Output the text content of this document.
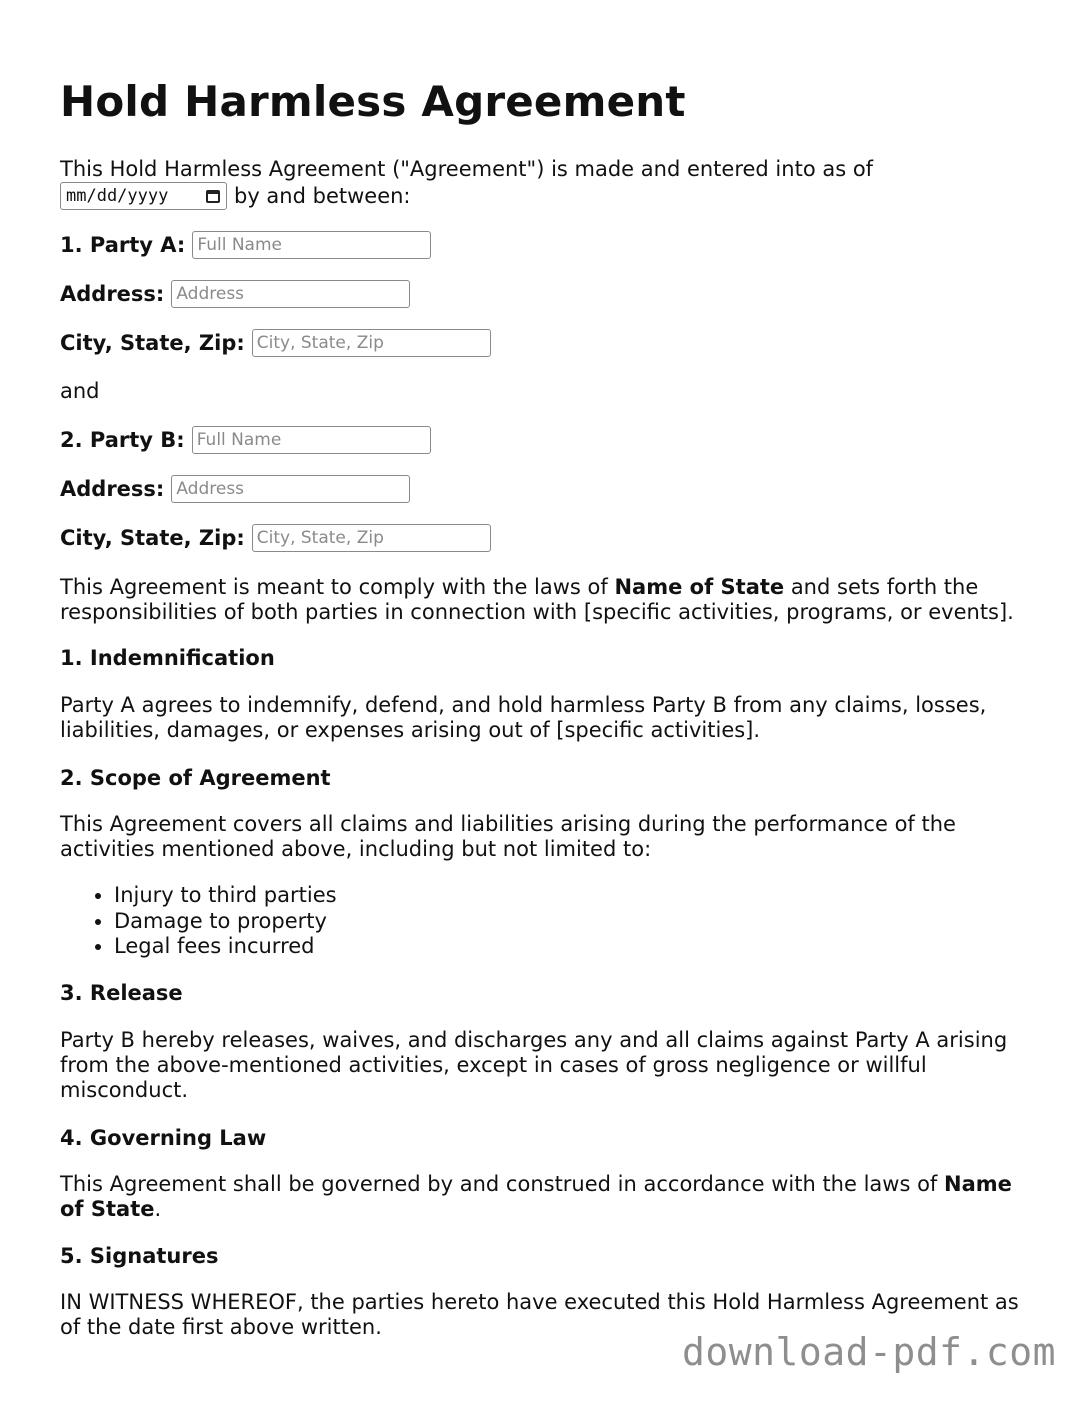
Hold Harmless Agreement
This Hold Harmless Agreement ("Agreement") is made and entered into as of
mm/dd/yyyy	by and between:
1. Party A:
Full Name
Address:
Address
City, State, Zip:
City, State, Zip
and
2. Party B:
Full Name
Address:
Address
City, State, Zip:
City, State, Zip
This Agreement is meant to comply with the laws of Name of State and sets forth the responsibilities of both parties in connection with [specific activities, programs, or events].
1. Indemnification
Party A agrees to indemnify, defend, and hold harmless Party B from any claims, losses, liabilities, damages, or expenses arising out of [specific activities].
2. Scope of Agreement
This Agreement covers all claims and liabilities arising during the performance of the activities mentioned above, including but not limited to:
• Injury to third parties
• Damage to property
• Legal fees incurred
3. Release
Party B hereby releases, waives, and discharges any and all claims against Party A arising from the above-mentioned activities, except in cases of gross negligence or willful misconduct.
4. Governing Law
This Agreement shall be governed by and construed in accordance with the laws of Name of State.
5. Signatures
IN WITNESS WHEREOF, the parties hereto have executed this Hold Harmless Agreement as of the date first above written.
download-pdf.com
